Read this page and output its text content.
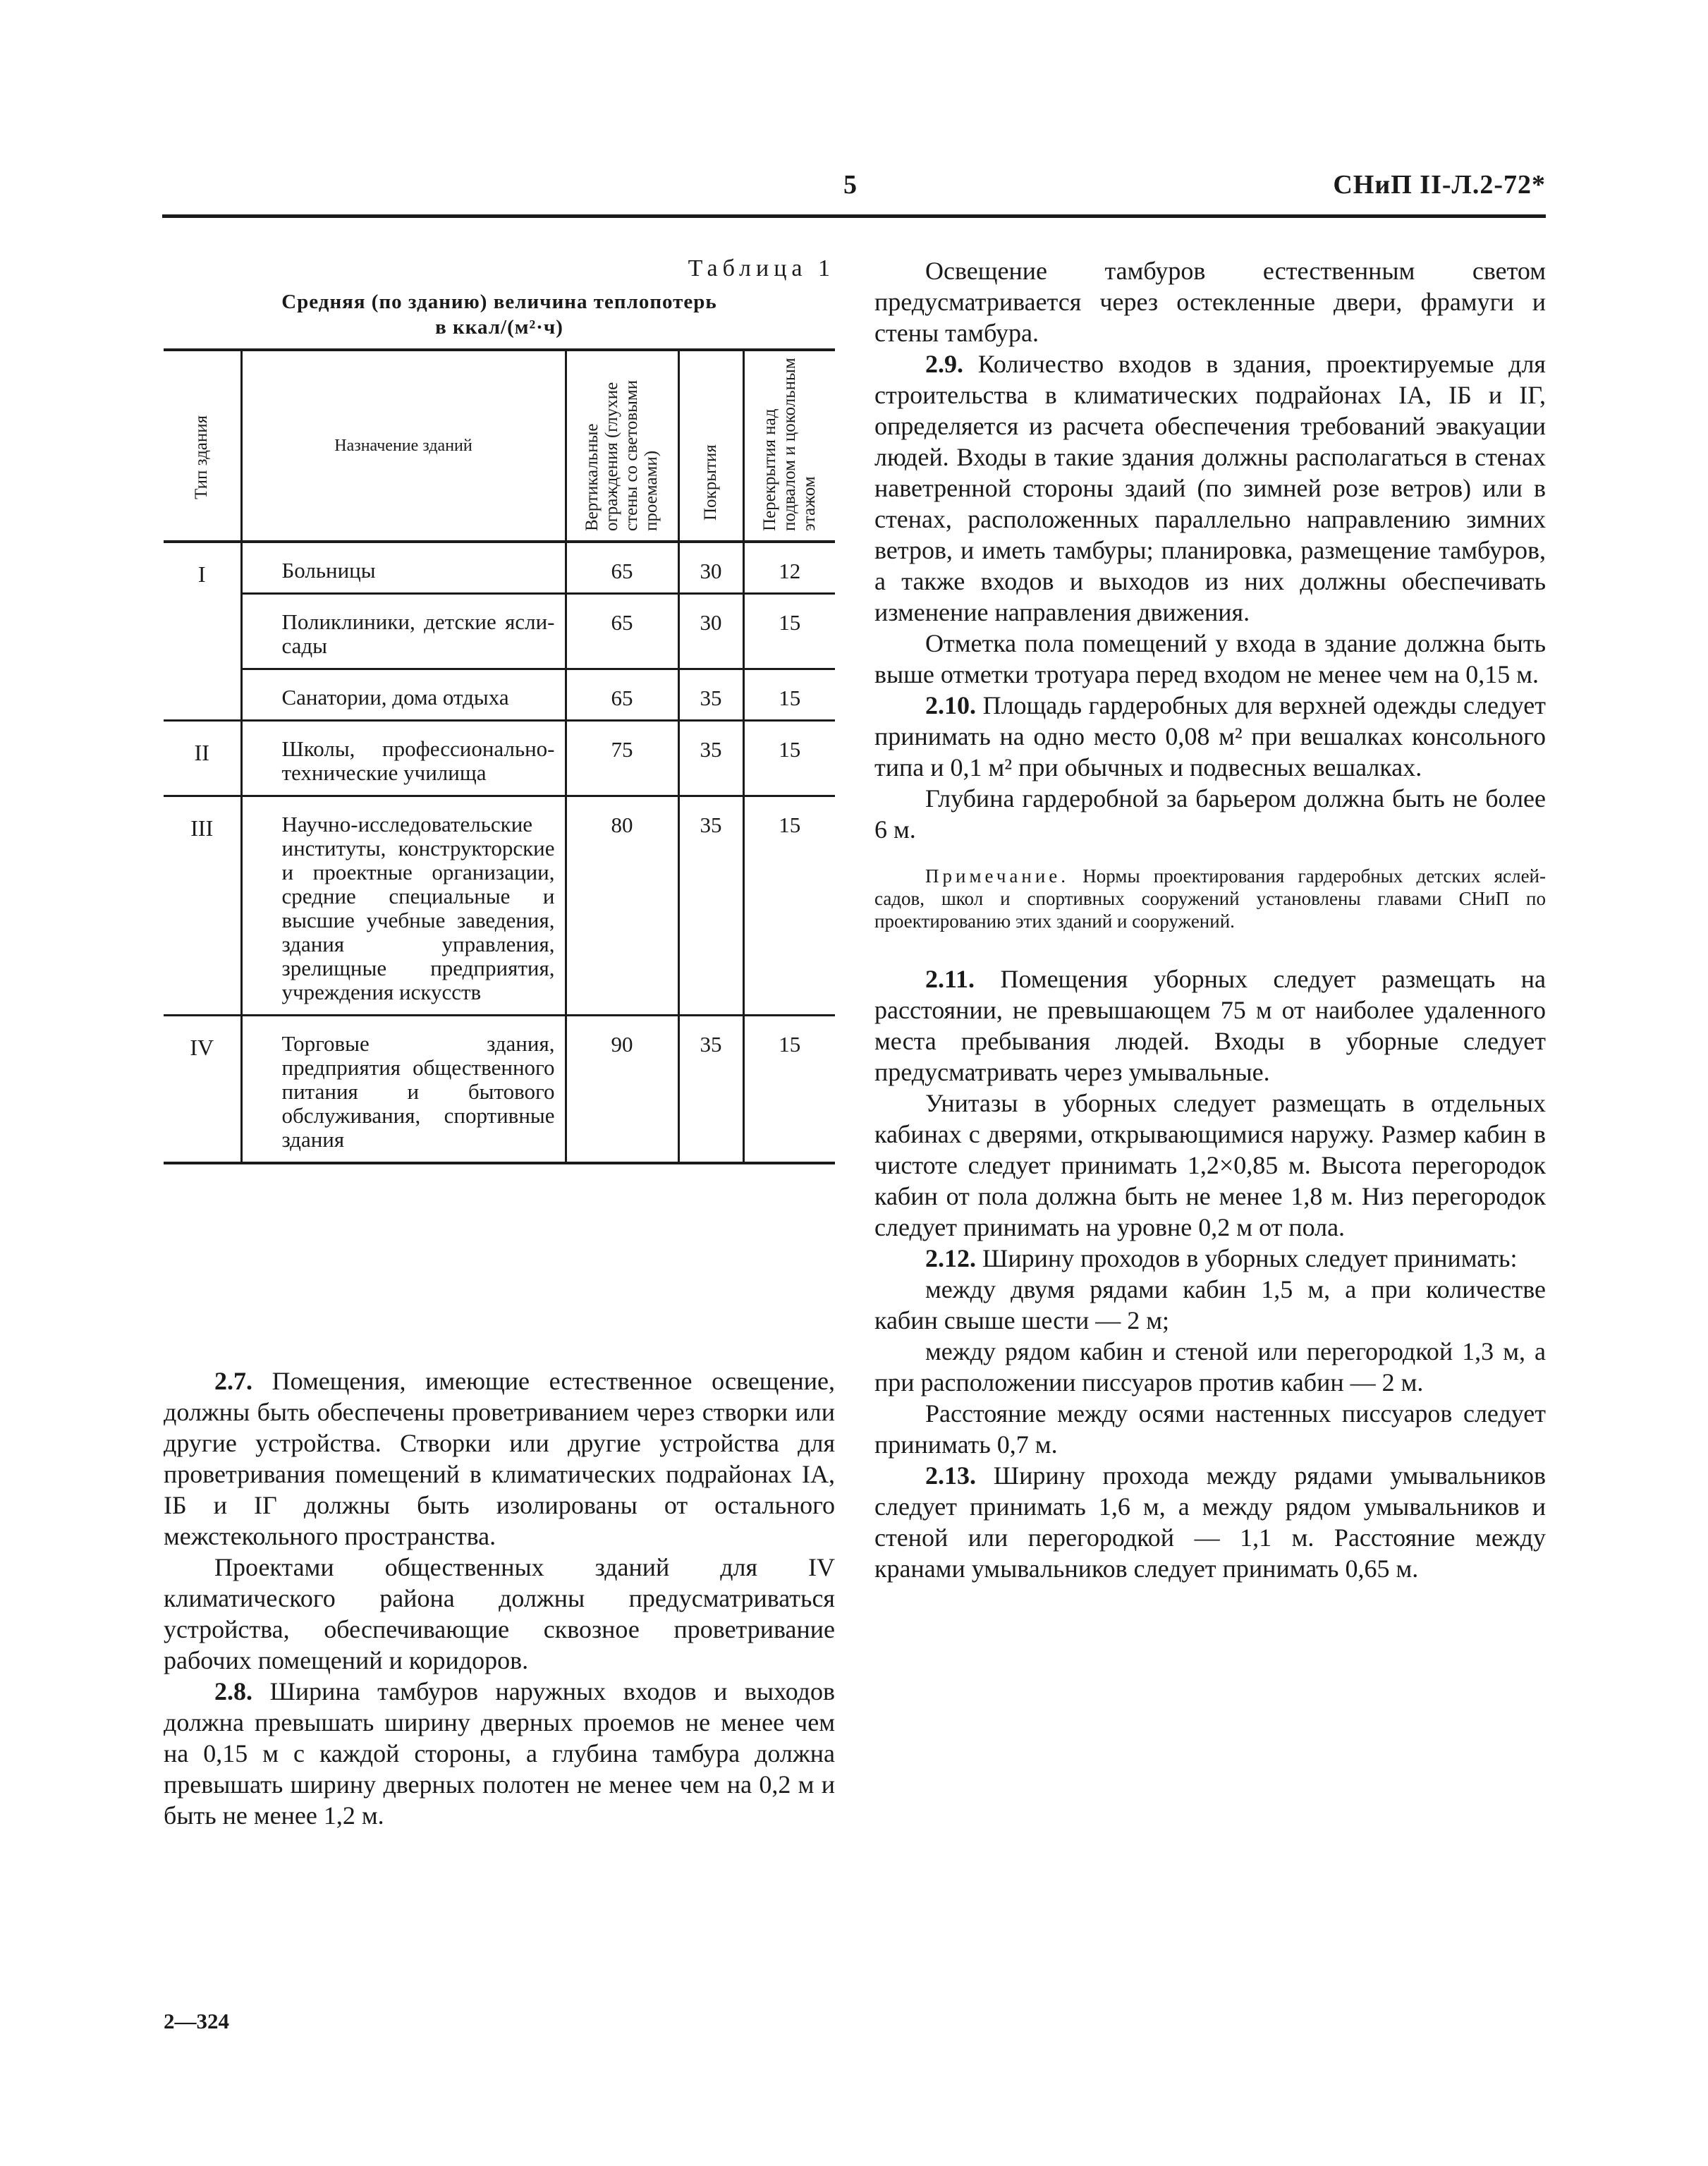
5	СНиП II-Л.2-72*
Таблица 1
Средняя (по зданию) величина теплопотерь
в ккал/(м²·ч)
Тип здания	Назначение зданий	Вертикальные ограждения (глухие стены со световыми проемами)	Покрытия	Перекрытия над подвалом и цокольным этажом

I	Больницы	65	30	12
	Поликлиники, детские ясли-сады	65	30	15
	Санатории, дома отдыха	65	35	15
II	Школы, профессионально-технические училища	75	35	15
III	Научно-исследовательские институты, конструкторские и проектные организации, средние специальные и высшие учебные заведения, здания управления, зрелищные предприятия, учреждения искусств	80	35	15
IV	Торговые здания, предприятия общественного питания и бытового обслуживания, спортивные здания	90	35	15

2.7. Помещения, имеющие естественное освещение, должны быть обеспечены проветриванием через створки или другие устройства. Створки или другие устройства для проветривания помещений в климатических подрайонах IА, IБ и IГ должны быть изолированы от остального межстекольного пространства.

Проектами общественных зданий для IV климатического района должны предусматриваться устройства, обеспечивающие сквозное проветривание рабочих помещений и коридоров.

2.8. Ширина тамбуров наружных входов и выходов должна превышать ширину дверных проемов не менее чем на 0,15 м с каждой стороны, а глубина тамбура должна превышать ширину дверных полотен не менее чем на 0,2 м и быть не менее 1,2 м.

2—324

Освещение тамбуров естественным светом предусматривается через остекленные двери, фрамуги и стены тамбура.

2.9. Количество входов в здания, проектируемые для строительства в климатических подрайонах IА, IБ и IГ, определяется из расчета обеспечения требований эвакуации людей. Входы в такие здания должны располагаться в стенах наветренной стороны здаий (по зимней розе ветров) или в стенах, расположенных параллельно направлению зимних ветров, и иметь тамбуры; планировка, размещение тамбуров, а также входов и выходов из них должны обеспечивать изменение направления движения.

Отметка пола помещений у входа в здание должна быть выше отметки тротуара перед входом не менее чем на 0,15 м.

2.10. Площадь гардеробных для верхней одежды следует принимать на одно место 0,08 м² при вешалках консольного типа и 0,1 м² при обычных и подвесных вешалках.

Глубина гардеробной за барьером должна быть не более 6 м.

Примечание. Нормы проектирования гардеробных детских яслей-садов, школ и спортивных сооружений установлены главами СНиП по проектированию этих зданий и сооружений.

2.11. Помещения уборных следует размещать на расстоянии, не превышающем 75 м от наиболее удаленного места пребывания людей. Входы в уборные следует предусматривать через умывальные.

Унитазы в уборных следует размещать в отдельных кабинах с дверями, открывающимися наружу. Размер кабин в чистоте следует принимать 1,2×0,85 м. Высота перегородок кабин от пола должна быть не менее 1,8 м. Низ перегородок следует принимать на уровне 0,2 м от пола.

2.12. Ширину проходов в уборных следует принимать:

между двумя рядами кабин 1,5 м, а при количестве кабин свыше шести — 2 м;

между рядом кабин и стеной или перегородкой 1,3 м, а при расположении писсуаров против кабин — 2 м.

Расстояние между осями настенных писсуаров следует принимать 0,7 м.

2.13. Ширину прохода между рядами умывальников следует принимать 1,6 м, а между рядом умывальников и стеной или перегородкой — 1,1 м. Расстояние между кранами умывальников следует принимать 0,65 м.
